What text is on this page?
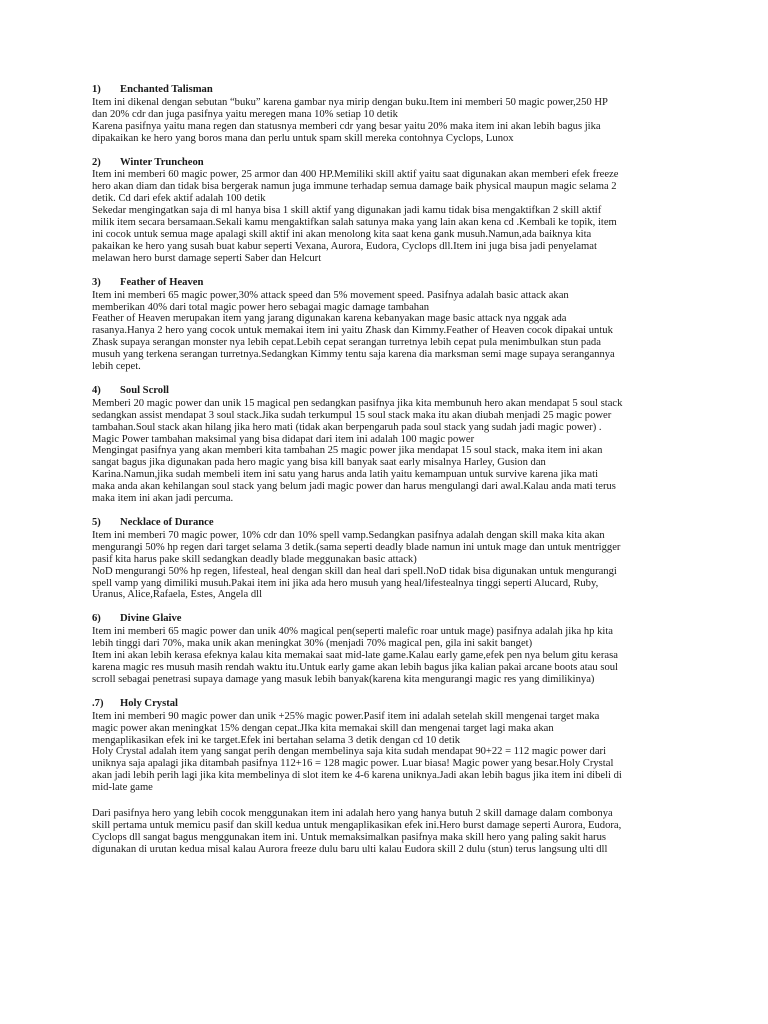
1) Enchanted Talisman
Item ini dikenal dengan sebutan “buku” karena gambar nya mirip dengan buku.Item ini memberi 50 magic power,250 HP
dan 20% cdr dan juga pasifnya yaitu meregen mana 10% setiap 10 detik
Karena pasifnya yaitu mana regen dan statusnya memberi cdr yang besar yaitu 20% maka item ini akan lebih bagus jika
dipakaikan ke hero yang boros mana dan perlu untuk spam skill mereka contohnya Cyclops, Lunox
2) Winter Truncheon
Item ini memberi 60 magic power, 25 armor dan 400 HP.Memiliki skill aktif yaitu saat digunakan akan memberi efek freeze
hero akan diam dan tidak bisa bergerak namun juga immune terhadap semua damage baik physical maupun magic selama 2
detik. Cd dari efek aktif adalah 100 detik
Sekedar mengingatkan saja di ml hanya bisa 1 skill aktif yang digunakan jadi kamu tidak bisa mengaktifkan 2 skill aktif
milik item secara bersamaan.Sekali kamu mengaktifkan salah satunya maka yang lain akan kena cd .Kembali ke topik, item
ini cocok untuk semua mage apalagi skill aktif ini akan menolong kita saat kena gank musuh.Namun,ada baiknya kita
pakaikan ke hero yang susah buat kabur seperti Vexana, Aurora, Eudora, Cyclops dll.Item ini juga bisa jadi penyelamat
melawan hero burst damage seperti Saber dan Helcurt
3) Feather of Heaven
Item ini memberi 65 magic power,30% attack speed dan 5% movement speed. Pasifnya adalah basic attack akan
memberikan 40% dari total magic power hero sebagai magic damage tambahan
Feather of Heaven merupakan item yang jarang digunakan karena kebanyakan mage basic attack nya nggak ada
rasanya.Hanya 2 hero yang cocok untuk memakai item ini yaitu Zhask dan Kimmy.Feather of Heaven cocok dipakai untuk
Zhask supaya serangan monster nya lebih cepat.Lebih cepat serangan turretnya lebih cepat pula menimbulkan stun pada
musuh yang terkena serangan turretnya.Sedangkan Kimmy tentu saja karena dia marksman semi mage supaya serangannya
lebih cepet.
4) Soul Scroll
Memberi 20 magic power dan unik 15 magical pen sedangkan pasifnya jika kita membunuh hero akan mendapat 5 soul stack
sedangkan assist mendapat 3 soul stack.Jika sudah terkumpul 15 soul stack maka itu akan diubah menjadi 25 magic power
tambahan.Soul stack akan hilang jika hero mati (tidak akan berpengaruh pada soul stack yang sudah jadi magic power) .
Magic Power tambahan maksimal yang bisa didapat dari item ini adalah 100 magic power
Mengingat pasifnya yang akan memberi kita tambahan 25 magic power jika mendapat 15 soul stack, maka item ini akan
sangat bagus jika digunakan pada hero magic yang bisa kill banyak saat early misalnya Harley, Gusion dan
Karina.Namun,jika sudah membeli item ini satu yang harus anda latih yaitu kemampuan untuk survive karena jika mati
maka anda akan kehilangan soul stack yang belum jadi magic power dan harus mengulangi dari awal.Kalau anda mati terus
maka item ini akan jadi percuma.
5) Necklace of Durance
Item ini memberi 70 magic power, 10% cdr dan 10% spell vamp.Sedangkan pasifnya adalah dengan skill maka kita akan
mengurangi 50% hp regen dari target selama 3 detik.(sama seperti deadly blade namun ini untuk mage dan untuk mentrigger
pasif kita harus pake skill sedangkan deadly blade meggunakan basic attack)
NoD mengurangi 50% hp regen, lifesteal, heal dengan skill dan heal dari spell.NoD tidak bisa digunakan untuk mengurangi
spell vamp yang dimiliki musuh.Pakai item ini jika ada hero musuh yang heal/lifestealnya tinggi seperti Alucard, Ruby,
Uranus, Alice,Rafaela, Estes, Angela dll
6) Divine Glaive
Item ini memberi 65 magic power dan unik 40% magical pen(seperti malefic roar untuk mage) pasifnya adalah jika hp kita
lebih tinggi dari 70%, maka unik akan meningkat 30% (menjadi 70% magical pen, gila ini sakit banget)
Item ini akan lebih kerasa efeknya kalau kita memakai saat mid-late game.Kalau early game,efek pen nya belum gitu kerasa
karena magic res musuh masih rendah waktu itu.Untuk early game akan lebih bagus jika kalian pakai arcane boots atau soul
scroll sebagai penetrasi supaya damage yang masuk lebih banyak(karena kita mengurangi magic res yang dimilikinya)
.7) Holy Crystal
Item ini memberi 90 magic power dan unik +25% magic power.Pasif item ini adalah setelah skill mengenai target maka
magic power akan meningkat 15% dengan cepat.JIka kita memakai skill dan mengenai target lagi maka akan
mengaplikasikan efek ini ke target.Efek ini bertahan selama 3 detik dengan cd 10 detik
Holy Crystal adalah item yang sangat perih dengan membelinya saja kita sudah mendapat 90+22 = 112 magic power dari
uniknya saja apalagi jika ditambah pasifnya 112+16 = 128 magic power. Luar biasa! Magic power yang besar.Holy Crystal
akan jadi lebih perih lagi jika kita membelinya di slot item ke 4-6 karena uniknya.Jadi akan lebih bagus jika item ini dibeli di
mid-late game
Dari pasifnya hero yang lebih cocok menggunakan item ini adalah hero yang hanya butuh 2 skill damage dalam combonya
skill pertama untuk memicu pasif dan skill kedua untuk mengaplikasikan efek ini.Hero burst damage seperti Aurora, Eudora,
Cyclops dll sangat bagus menggunakan item ini. Untuk memaksimalkan pasifnya maka skill hero yang paling sakit harus
digunakan di urutan kedua misal kalau Aurora freeze dulu baru ulti kalau Eudora skill 2 dulu (stun) terus langsung ulti dll
